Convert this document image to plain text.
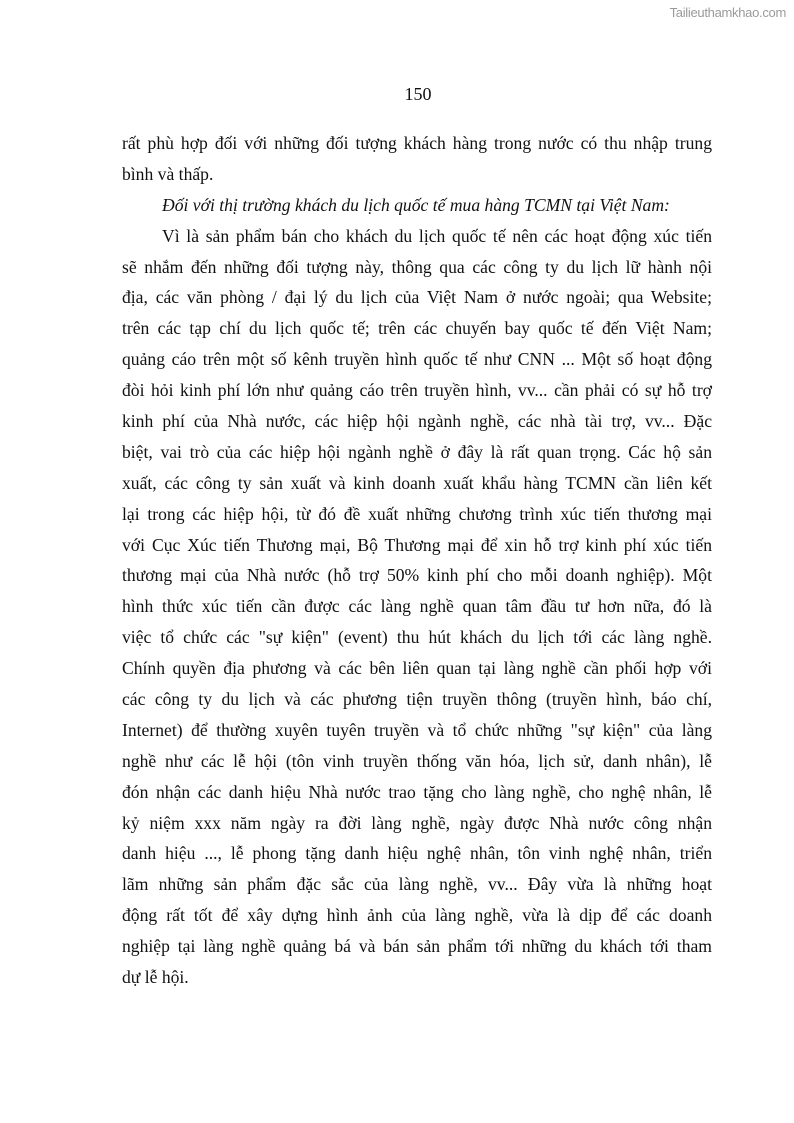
Tailieuthamkhao.com
150
rất phù hợp đối với những đối tượng khách hàng trong nước có thu nhập trung
bình và thấp.
Đối với thị trường khách du lịch quốc tế mua hàng TCMN tại Việt Nam:
Vì là sản phẩm bán cho khách du lịch quốc tế nên các hoạt động xúc tiến
sẽ nhắm đến những đối tượng này, thông qua các công ty du lịch lữ hành nội
địa, các văn phòng / đại lý du lịch của Việt Nam ở nước ngoài; qua Website;
trên các tạp chí du lịch quốc tế; trên các chuyến bay quốc tế đến Việt Nam;
quảng cáo trên một số kênh truyền hình quốc tế như CNN ... Một số hoạt động
đòi hỏi kinh phí lớn như quảng cáo trên truyền hình, vv... cần phải có sự hỗ trợ
kinh phí của Nhà nước, các hiệp hội ngành nghề, các nhà tài trợ, vv... Đặc
biệt, vai trò của các hiệp hội ngành nghề ở đây là rất quan trọng. Các hộ sản
xuất, các công ty sản xuất và kinh doanh xuất khẩu hàng TCMN cần liên kết
lại trong các hiệp hội, từ đó đề xuất những chương trình xúc tiến thương mại
với Cục Xúc tiến Thương mại, Bộ Thương mại để xin hỗ trợ kinh phí xúc tiến
thương mại của Nhà nước (hỗ trợ 50% kinh phí cho mỗi doanh nghiệp). Một
hình thức xúc tiến cần được các làng nghề quan tâm đầu tư hơn nữa, đó là
việc tổ chức các "sự kiện" (event) thu hút khách du lịch tới các làng nghề.
Chính quyền địa phương và các bên liên quan tại làng nghề cần phối hợp với
các công ty du lịch và các phương tiện truyền thông (truyền hình, báo chí,
Internet) để thường xuyên tuyên truyền và tổ chức những "sự kiện" của làng
nghề như các lễ hội (tôn vinh truyền thống văn hóa, lịch sử, danh nhân), lễ
đón nhận các danh hiệu Nhà nước trao tặng cho làng nghề, cho nghệ nhân, lễ
kỷ niệm xxx năm ngày ra đời làng nghề, ngày được Nhà nước công nhận
danh hiệu ..., lễ phong tặng danh hiệu nghệ nhân, tôn vinh nghệ nhân, triển
lãm những sản phẩm đặc sắc của làng nghề, vv... Đây vừa là những hoạt
động rất tốt để xây dựng hình ảnh của làng nghề, vừa là dịp để các doanh
nghiệp tại làng nghề quảng bá và bán sản phẩm tới những du khách tới tham
dự lễ hội.
